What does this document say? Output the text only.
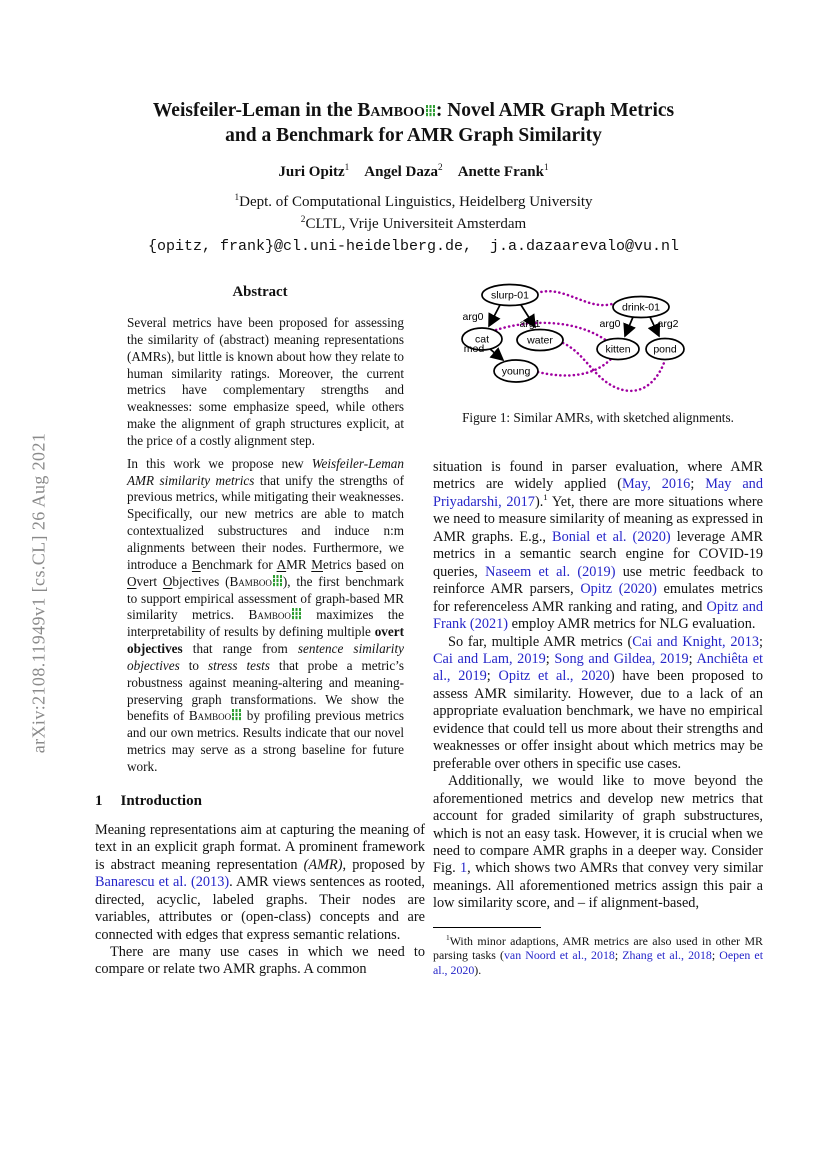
arXiv:2108.11949v1 [cs.CL] 26 Aug 2021
Weisfeiler-Leman in the Bamboo : Novel AMR Graph Metrics
and a Benchmark for AMR Graph Similarity
Juri Opitz$^1$ Angel Daza$^2$ Anette Frank$^1$
$^1$Dept. of Computational Linguistics, Heidelberg University
$^2$CLTL, Vrije Universiteit Amsterdam
{opitz, frank}@cl.uni-heidelberg.de,  j.a.dazaarevalo@vu.nl
Abstract

Several metrics have been proposed for assessing the similarity of (abstract) meaning representations (AMRs), but little is known about how they relate to human similarity ratings. Moreover, the current metrics have complementary strengths and weaknesses: some emphasize speed, while others make the alignment of graph structures explicit, at the price of a costly alignment step.

In this work we propose new Weisfeiler-Leman AMR similarity metrics that unify the strengths of previous metrics, while mitigating their weaknesses. Specifically, our new metrics are able to match contextualized substructures and induce n:m alignments between their nodes. Furthermore, we introduce a Benchmark for AMR Metrics based on Overt Objectives (Bamboo ), the first benchmark to support empirical assessment of graph-based MR similarity metrics. Bamboo maximizes the interpretability of results by defining multiple overt objectives that range from sentence similarity objectives to stress tests that probe a metric’s robustness against meaning-altering and meaning-preserving graph transformations. We show the benefits of Bamboo by profiling previous metrics and our own metrics. Results indicate that our novel metrics may serve as a strong baseline for future work.

1 Introduction

Meaning representations aim at capturing the meaning of text in an explicit graph format. A prominent framework is abstract meaning representation (AMR), proposed by Banarescu et al. (2013). AMR views sentences as rooted, directed, acyclic, labeled graphs. Their nodes are variables, attributes or (open-class) concepts and are connected with edges that express semantic relations.

There are many use cases in which we need to compare or relate two AMR graphs. A common

slurp-01
cat	water
young
drink-01
kitten pond
arg0
arg1
mod
arg0	arg2
Figure 1: Similar AMRs, with sketched alignments.

situation is found in parser evaluation, where AMR metrics are widely applied (May, 2016; May and Priyadarshi, 2017).$^1$ Yet, there are more situations where we need to measure similarity of meaning as expressed in AMR graphs. E.g., Bonial et al. (2020) leverage AMR metrics in a semantic search engine for COVID-19 queries, Naseem et al. (2019) use metric feedback to reinforce AMR parsers, Opitz (2020) emulates metrics for referenceless AMR ranking and rating, and Opitz and Frank (2021) employ AMR metrics for NLG evaluation.

So far, multiple AMR metrics (Cai and Knight, 2013; Cai and Lam, 2019; Song and Gildea, 2019; Anchiêta et al., 2019; Opitz et al., 2020) have been proposed to assess AMR similarity. However, due to a lack of an appropriate evaluation benchmark, we have no empirical evidence that could tell us more about their strengths and weaknesses or offer insight about which metrics may be preferable over others in specific use cases.

Additionally, we would like to move beyond the aforementioned metrics and develop new metrics that account for graded similarity of graph substructures, which is not an easy task. However, it is crucial when we need to compare AMR graphs in a deeper way. Consider Fig. 1, which shows two AMRs that convey very similar meanings. All aforementioned metrics assign this pair a low similarity score, and – if alignment-based,

$^1$With minor adaptions, AMR metrics are also used in other MR parsing tasks (van Noord et al., 2018; Zhang et al., 2018; Oepen et al., 2020).
